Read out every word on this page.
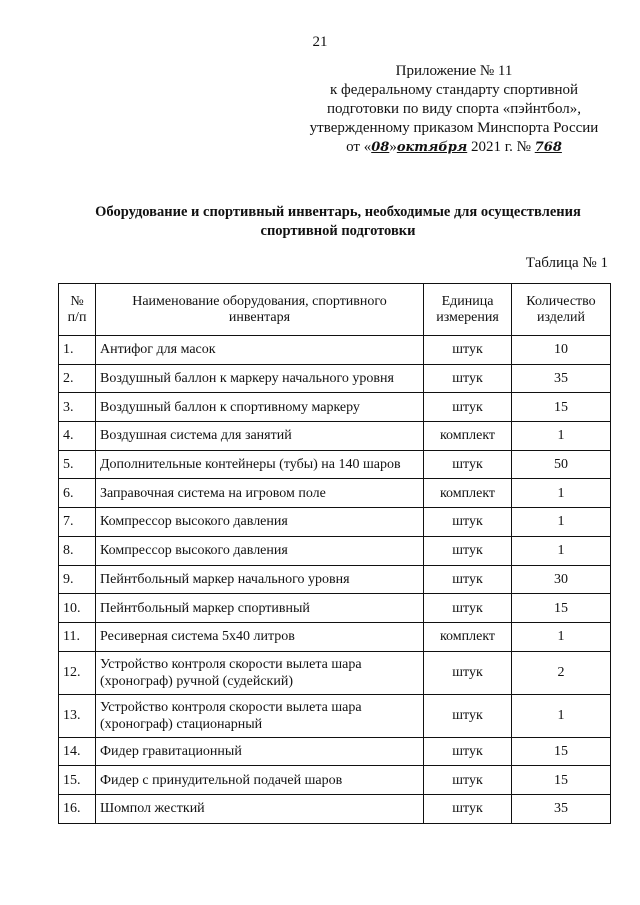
21
Приложение № 11
к федеральному стандарту спортивной
подготовки по виду спорта «пэйнтбол»,
утвержденному приказом Минспорта России
от «08»октября 2021 г. № 768
Оборудование и спортивный инвентарь, необходимые для осуществления спортивной подготовки
Таблица № 1
№ п/п	Наименование оборудования, спортивного инвентаря	Единица измерения	Количество изделий
1.	Антифог для масок	штук	10
2.	Воздушный баллон к маркеру начального уровня	штук	35
3.	Воздушный баллон к спортивному маркеру	штук	15
4.	Воздушная система для занятий	комплект	1
5.	Дополнительные контейнеры (тубы) на 140 шаров	штук	50
6.	Заправочная система на игровом поле	комплект	1
7.	Компрессор высокого давления	штук	1
8.	Компрессор высокого давления	штук	1
9.	Пейнтбольный маркер начального уровня	штук	30
10.	Пейнтбольный маркер спортивный	штук	15
11.	Ресиверная система 5х40 литров	комплект	1
12.	Устройство контроля скорости вылета шара (хронограф) ручной (судейский)	штук	2
13.	Устройство контроля скорости вылета шара (хронограф) стационарный	штук	1
14.	Фидер гравитационный	штук	15
15.	Фидер с принудительной подачей шаров	штук	15
16.	Шомпол жесткий	штук	35
